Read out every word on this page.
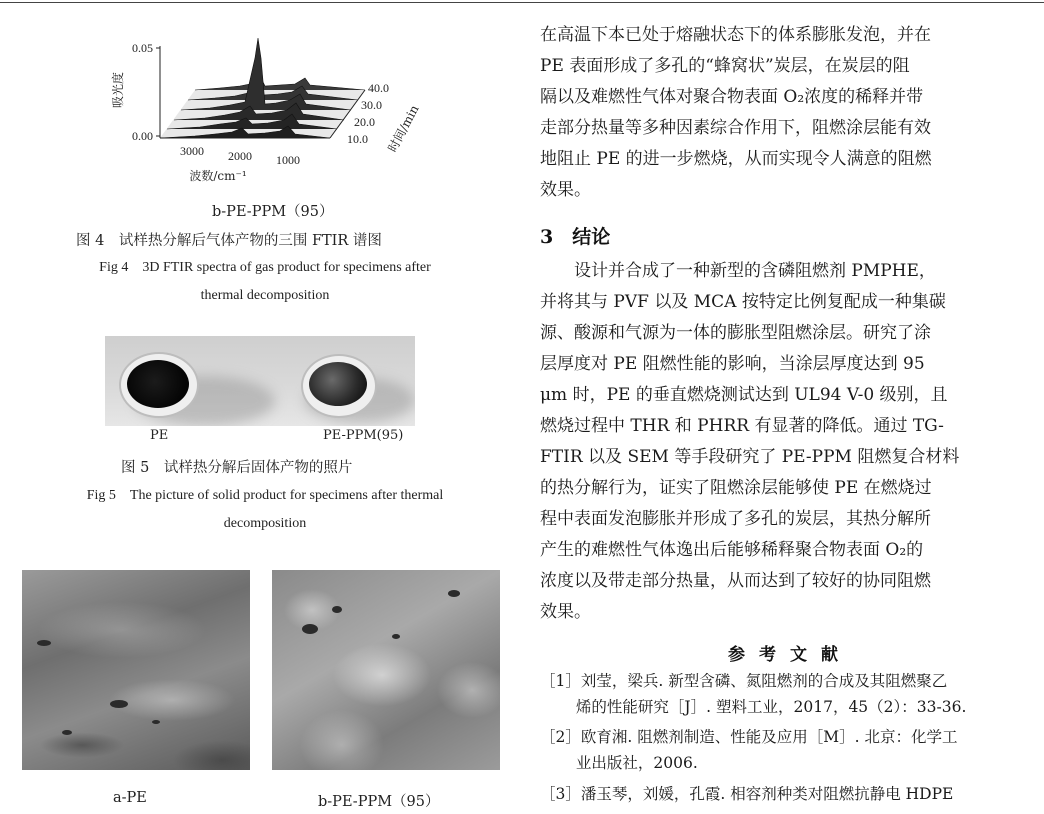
0.05
0.00
吸光度
3000 2000 1000
波数/cm⁻¹
40.0
30.0
20.0
10.0 时间/min
b-PE-PPM（95）
图 4　试样热分解后气体产物的三围 FTIR 谱图
Fig 4　3D FTIR spectra of gas product for specimens after
thermal decomposition
PE	PE-PPM(95)
图 5　试样热分解后固体产物的照片
Fig 5　The picture of solid product for specimens after thermal
decomposition
a-PE	b-PE-PPM（95）
在高温下本已处于熔融状态下的体系膨胀发泡，并在
PE 表面形成了多孔的“蜂窝状”炭层，在炭层的阻
隔以及难燃性气体对聚合物表面 O₂浓度的稀释并带
走部分热量等多种因素综合作用下，阻燃涂层能有效
地阻止 PE 的进一步燃烧，从而实现令人满意的阻燃
效果。
3　结论
　　设计并合成了一种新型的含磷阻燃剂 PMPHE，
并将其与 PVF 以及 MCA 按特定比例复配成一种集碳
源、酸源和气源为一体的膨胀型阻燃涂层。研究了涂
层厚度对 PE 阻燃性能的影响，当涂层厚度达到 95
μm 时，PE 的垂直燃烧测试达到 UL94 V-0 级别，且
燃烧过程中 THR 和 PHRR 有显著的降低。通过 TG-
FTIR 以及 SEM 等手段研究了 PE-PPM 阻燃复合材料
的热分解行为，证实了阻燃涂层能够使 PE 在燃烧过
程中表面发泡膨胀并形成了多孔的炭层，其热分解所
产生的难燃性气体逸出后能够稀释聚合物表面 O₂的
浓度以及带走部分热量，从而达到了较好的协同阻燃
效果。
参考文献
［1］刘莹，梁兵. 新型含磷、氮阻燃剂的合成及其阻燃聚乙
　　 烯的性能研究［J］. 塑料工业，2017，45（2）：33-36.
［2］欧育湘. 阻燃剂制造、性能及应用［M］. 北京：化学工
　　 业出版社，2006.
［3］潘玉琴，刘媛，孔霞. 相容剂种类对阻燃抗静电 HDPE
